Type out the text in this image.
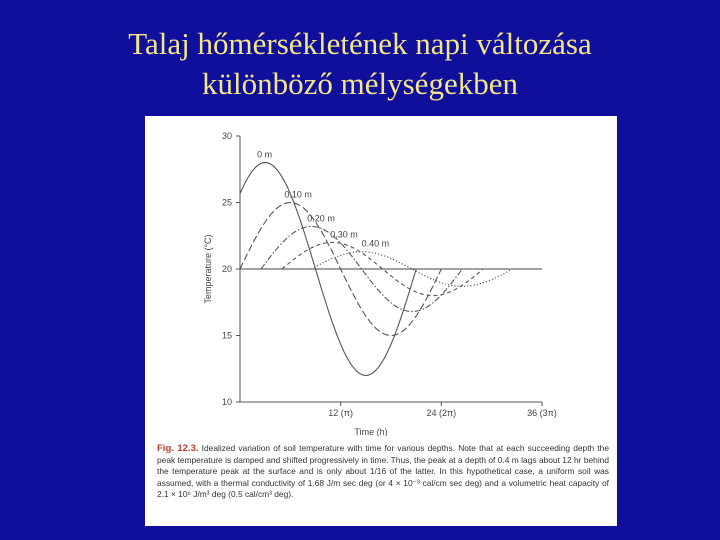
Talaj hőmérsékletének napi változása
különböző mélységekben
30
25
20
15
10
12 (π)	24 (2π)	36 (3π)
Time (h)
Temperature (°C)
0 m
0.10 m
0.20 m
0.30 m
0.40 m
Fig. 12.3. Idealized variation of soil temperature with time for various depths. Note that at each succeeding depth the peak temperature is damped and shifted progressively in time. Thus, the peak at a depth of 0.4 m lags about 12 hr behind the temperature peak at the surface and is only about 1/16 of the latter. In this hypothetical case, a uniform soil was assumed, with a thermal conductivity of 1.68 J/m sec deg (or 4 × 10⁻³ cal/cm sec deg) and a volumetric heat capacity of 2.1 × 10⁶ J/m³ deg (0.5 cal/cm³ deg).
